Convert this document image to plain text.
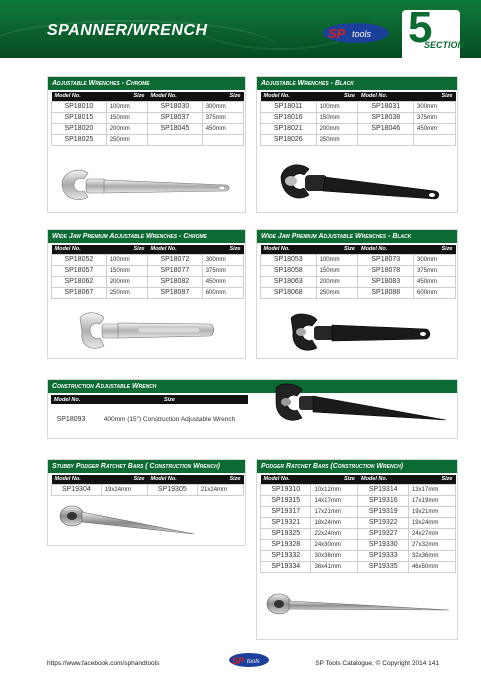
SPANNER/WRENCH	SP tools 5
SECTION
Adjustable Wrenches - Chrome
Model No.	Size	Model No.	Size
SP18010	100mm	SP18030	300mm
SP18015	150mm	SP18037	375mm
SP18020	200mm	SP18045	450mm
SP18025	250mm		
Adjustable Wrenches - Black
Model No.	Size	Model No.	Size
SP18011	100mm	SP18031	300mm
SP18016	150mm	SP18038	375mm
SP18021	200mm	SP18046	450mm
SP18026	250mm		
Wide Jaw Premium Adjustable Wrenches - Chrome
Model No.	Size	Model No.	Size
SP18052	100mm	SP18072	300mm
SP18057	150mm	SP18077	375mm
SP18062	200mm	SP18082	450mm
SP18067	250mm	SP18087	600mm
Wide Jaw Premium Adjustable Wrenches - Black
Model No.	Size	Model No.	Size
SP18053	100mm	SP18073	300mm
SP18058	150mm	SP18078	375mm
SP18063	200mm	SP18083	450mm
SP18068	250mm	SP18088	600mm
Construction Adjustable Wrench
Model No.	Size
SP18093	400mm (15") Construction Adjustable Wrench
Stubby Podger Ratchet Bars ( Construction Wrench)
Model No.	Size	Model No.	Size
SP19304	19x24mm	SP19305	21x24mm
Podger Ratchet Bars (Construction Wrench)
Model No.	Size	Model No.	Size
SP19310	10x12mm	SP19314	13x17mm
SP19315	14x17mm	SP19316	17x19mm
SP19317	17x21mm	SP19319	19x21mm
SP19321	18x24mm	SP19322	19x24mm
SP19325	22x24mm	SP19327	24x27mm
SP19328	24x30mm	SP19330	27x32mm
SP19332	30x36mm	SP19333	32x36mm
SP19334	36x41mm	SP19335	46x50mm
https://www.facebook.com/sphandtools	SP tools	SP Tools Catalogue, © Copyright 2014 141
